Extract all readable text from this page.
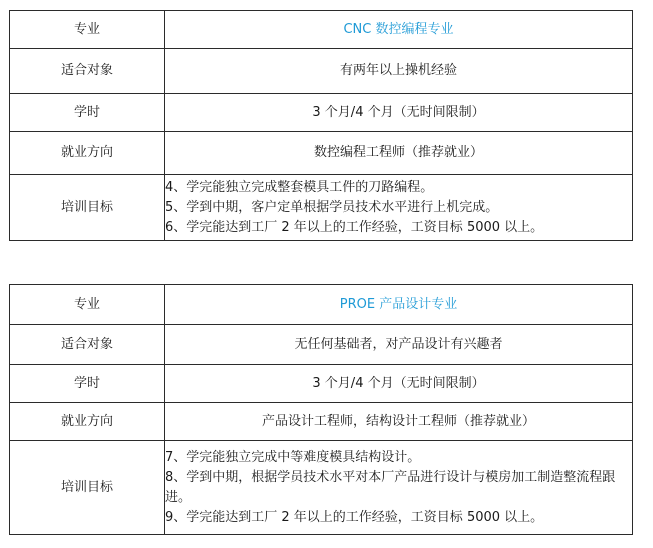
专业	CNC 数控编程专业
适合对象	有两年以上操机经验
学时	3 个月/4 个月（无时间限制）
就业方向	数控编程工程师（推荐就业）
培训目标	4、学完能独立完成整套模具工件的刀路编程。
5、学到中期，客户定单根据学员技术水平进行上机完成。
6、学完能达到工厂 2 年以上的工作经验，工资目标 5000 以上。
专业	PROE 产品设计专业
适合对象	无任何基础者，对产品设计有兴趣者
学时	3 个月/4 个月（无时间限制）
就业方向	产品设计工程师，结构设计工程师（推荐就业）
培训目标	7、学完能独立完成中等难度模具结构设计。
8、学到中期，根据学员技术水平对本厂产品进行设计与模房加工制造整流程跟进。
9、学完能达到工厂 2 年以上的工作经验，工资目标 5000 以上。
